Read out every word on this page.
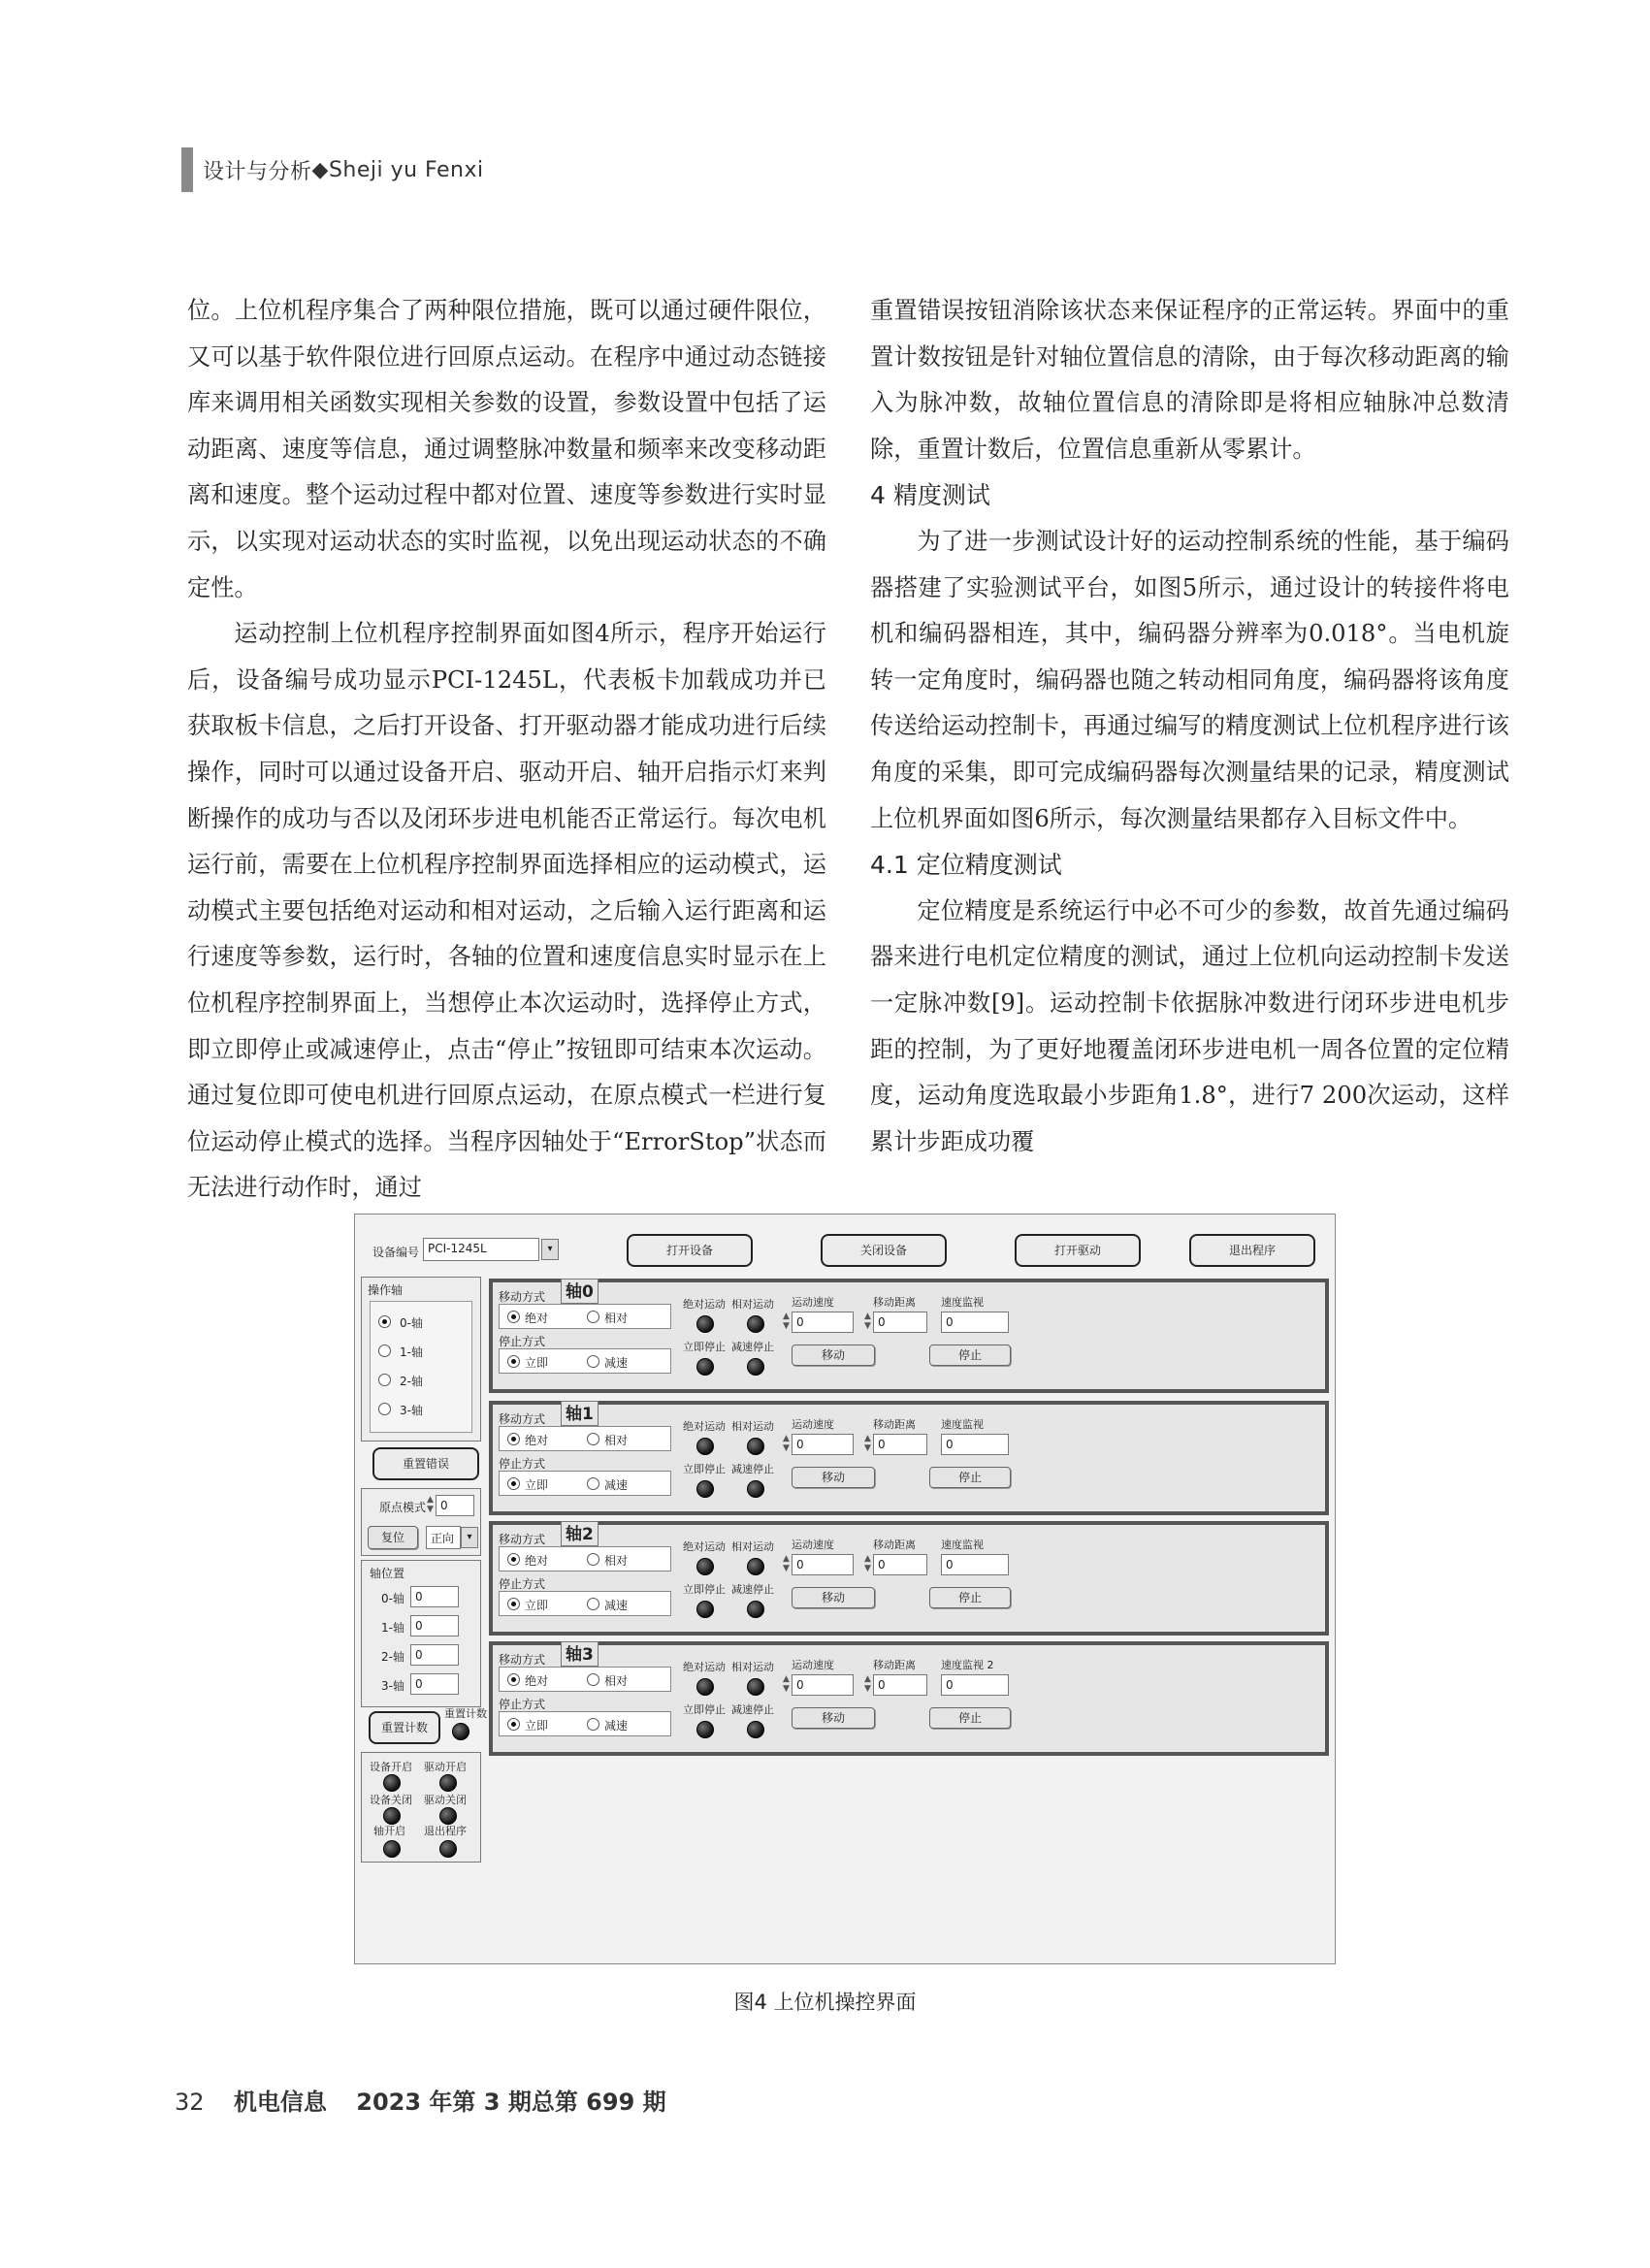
设计与分析 ◆ Sheji yu Fenxi

位。上位机程序集合了两种限位措施，既可以通过硬件限位，又可以基于软件限位进行回原点运动。在程序中通过动态链接库来调用相关函数实现相关参数的设置，参数设置中包括了运动距离、速度等信息，通过调整脉冲数量和频率来改变移动距离和速度。整个运动过程中都对位置、速度等参数进行实时显示，以实现对运动状态的实时监视，以免出现运动状态的不确定性。

运动控制上位机程序控制界面如图4所示，程序开始运行后，设备编号成功显示PCI-1245L，代表板卡加载成功并已获取板卡信息，之后打开设备、打开驱动器才能成功进行后续操作，同时可以通过设备开启、驱动开启、轴开启指示灯来判断操作的成功与否以及闭环步进电机能否正常运行。每次电机运行前，需要在上位机程序控制界面选择相应的运动模式，运动模式主要包括绝对运动和相对运动，之后输入运行距离和运行速度等参数，运行时，各轴的位置和速度信息实时显示在上位机程序控制界面上，当想停止本次运动时，选择停止方式，即立即停止或减速停止，点击“停止”按钮即可结束本次运动。通过复位即可使电机进行回原点运动，在原点模式一栏进行复位运动停止模式的选择。当程序因轴处于“ErrorStop”状态而无法进行动作时，通过

重置错误按钮消除该状态来保证程序的正常运转。界面中的重置计数按钮是针对轴位置信息的清除，由于每次移动距离的输入为脉冲数，故轴位置信息的清除即是将相应轴脉冲总数清除，重置计数后，位置信息重新从零累计。

4 精度测试

为了进一步测试设计好的运动控制系统的性能，基于编码器搭建了实验测试平台，如图5所示，通过设计的转接件将电机和编码器相连，其中，编码器分辨率为0.018°。当电机旋转一定角度时，编码器也随之转动相同角度，编码器将该角度传送给运动控制卡，再通过编写的精度测试上位机程序进行该角度的采集，即可完成编码器每次测量结果的记录，精度测试上位机界面如图6所示，每次测量结果都存入目标文件中。

4.1 定位精度测试

定位精度是系统运行中必不可少的参数，故首先通过编码器来进行电机定位精度的测试，通过上位机向运动控制卡发送一定脉冲数[9]。运动控制卡依据脉冲数进行闭环步进电机步距的控制，为了更好地覆盖闭环步进电机一周各位置的定位精度，运动角度选取最小步距角1.8°，进行7 200次运动，这样累计步距成功覆

设备编号 PCI-1245L	▾	打开设备	关闭设备	打开驱动	退出程序
操作轴
0-轴
1-轴
2-轴
3-轴
重置错误
原点模式
▲
▼ 0
复位	正向	▾
轴位置
0-轴 0
1-轴 0
2-轴 0
3-轴 0
重置计数
重置计数
设备开启 驱动开启
设备关闭 驱动关闭
轴开启 退出程序
轴0
移动方式
绝对	相对
停止方式
立即	减速
绝对运动 相对运动
立即停止 减速停止
运动速度
▲
▼ 0
移动距离
▲
▼ 0
速度监视
0
移动	停止
轴1
移动方式
绝对	相对
停止方式
立即	减速
绝对运动 相对运动
立即停止 减速停止
运动速度
▲
▼ 0
移动距离
▲
▼ 0
速度监视
0
移动	停止
轴2
移动方式
绝对	相对
停止方式
立即	减速
绝对运动 相对运动
立即停止 减速停止
运动速度
▲
▼ 0
移动距离
▲
▼ 0
速度监视
0
移动	停止
轴3
移动方式
绝对	相对
停止方式
立即	减速
绝对运动 相对运动
立即停止 减速停止
运动速度
▲
▼ 0
移动距离
▲
▼ 0
速度监视 2
0
移动	停止
图4 上位机操控界面
32 机电信息 2023 年第 3 期总第 699 期
